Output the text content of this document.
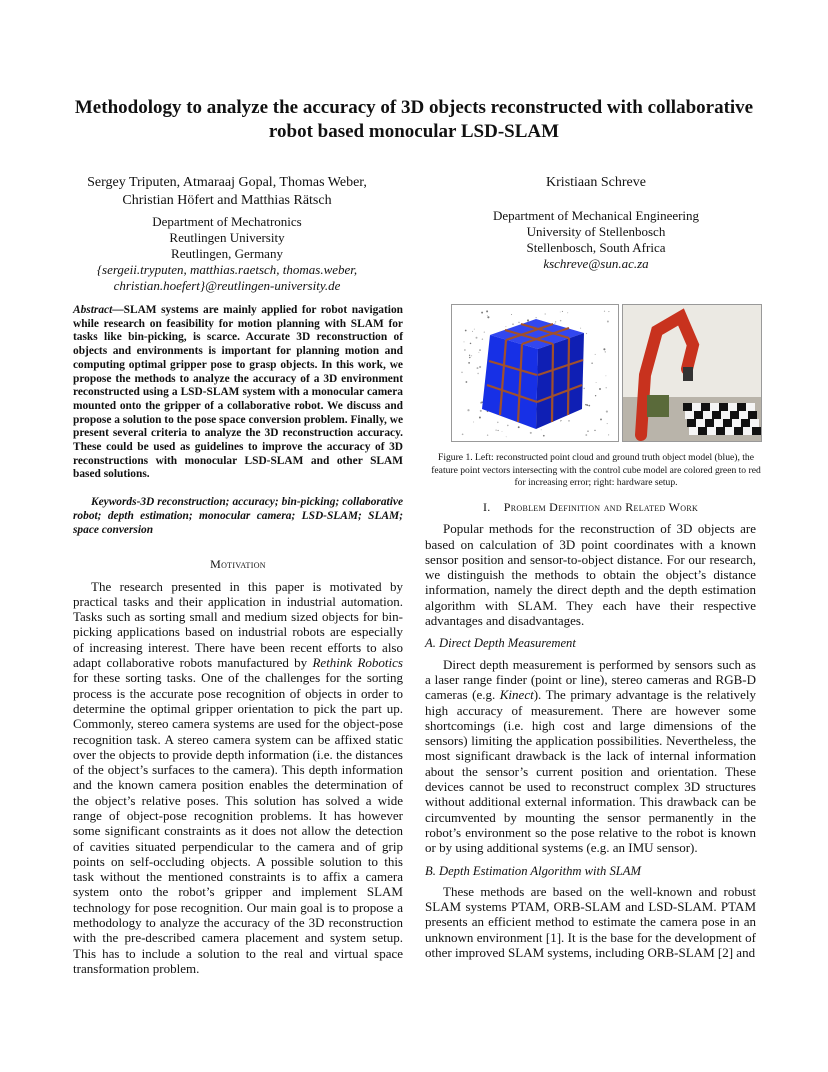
Methodology to analyze the accuracy of 3D objects reconstructed with collaborative robot based monocular LSD-SLAM
Sergey Triputen, Atmaraaj Gopal, Thomas Weber,
Christian Höfert and Matthias Rätsch
Department of Mechatronics
Reutlingen University
Reutlingen, Germany
{sergeii.tryputen, matthias.raetsch, thomas.weber,
christian.hoefert}@reutlingen-university.de
Kristiaan Schreve
Department of Mechanical Engineering
University of Stellenbosch
Stellenbosch, South Africa
kschreve@sun.ac.za

Abstract—SLAM systems are mainly applied for robot navigation while research on feasibility for motion planning with SLAM for tasks like bin-picking, is scarce. Accurate 3D reconstruction of objects and environments is important for planning motion and computing optimal gripper pose to grasp objects. In this work, we propose the methods to analyze the accuracy of a 3D environment reconstructed using a LSD-SLAM system with a monocular camera mounted onto the gripper of a collaborative robot. We discuss and propose a solution to the pose space conversion problem. Finally, we present several criteria to analyze the 3D reconstruction accuracy. These could be used as guidelines to improve the accuracy of 3D reconstructions with monocular LSD-SLAM and other SLAM based solutions.

Keywords-3D reconstruction; accuracy; bin-picking; collaborative robot; depth estimation; monocular camera; LSD-SLAM; SLAM; space conversion

Motivation

The research presented in this paper is motivated by practical tasks and their application in industrial automation. Tasks such as sorting small and medium sized objects for bin-picking applications based on industrial robots are especially of increasing interest. There have been recent efforts to also adapt collaborative robots manufactured by Rethink Robotics for these sorting tasks. One of the challenges for the sorting process is the accurate pose recognition of objects in order to determine the optimal gripper orientation to pick the part up. Commonly, stereo camera systems are used for the object-pose recognition task. A stereo camera system can be affixed static over the objects to provide depth information (i.e. the distances of the object’s surfaces to the camera). This depth information and the known camera position enables the determination of the object’s relative poses. This solution has solved a wide range of object-pose recognition problems. It has however some significant constraints as it does not allow the detection of cavities situated perpendicular to the camera and of grip points on self-occluding objects. A possible solution to this task without the mentioned constraints is to affix a camera system onto the robot’s gripper and implement SLAM technology for pose recognition. Our main goal is to propose a methodology to analyze the accuracy of the 3D reconstruction with the pre-described camera placement and system setup. This has to include a solution to the real and virtual space transformation problem.

Figure 1. Left: reconstructed point cloud and ground truth object model (blue), the feature point vectors intersecting with the control cube model are colored green to red for increasing error; right: hardware setup.
I. Problem Definition and Related Work

Popular methods for the reconstruction of 3D objects are based on calculation of 3D point coordinates with a known sensor position and sensor-to-object distance. For our research, we distinguish the methods to obtain the object’s distance information, namely the direct depth and the depth estimation algorithm with SLAM. They each have their respective advantages and disadvantages.

A. Direct Depth Measurement

Direct depth measurement is performed by sensors such as a laser range finder (point or line), stereo cameras and RGB-D cameras (e.g. Kinect). The primary advantage is the relatively high accuracy of measurement. There are however some shortcomings (i.e. high cost and large dimensions of the sensors) limiting the application possibilities. Nevertheless, the most significant drawback is the lack of internal information about the sensor’s current position and orientation. These devices cannot be used to reconstruct complex 3D structures without additional external information. This drawback can be circumvented by mounting the sensor permanently in the robot’s environment so the pose relative to the robot is known or by using additional systems (e.g. an IMU sensor).

B. Depth Estimation Algorithm with SLAM

These methods are based on the well-known and robust SLAM systems PTAM, ORB-SLAM and LSD-SLAM. PTAM presents an efficient method to estimate the camera pose in an unknown environment [1]. It is the base for the development of other improved SLAM systems, including ORB-SLAM [2] and
